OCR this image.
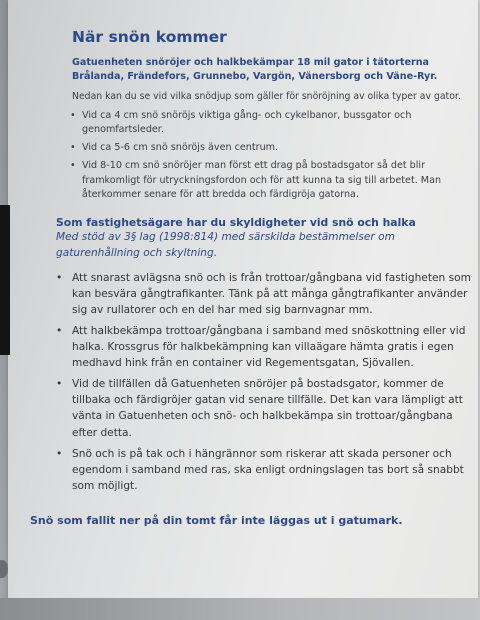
När snön kommer

Gatuenheten snöröjer och halkbekämpar 18 mil gator i tätorterna Brålanda, Frändefors, Grunnebo, Vargön, Vänersborg och Väne-Ryr.

Nedan kan du se vid vilka snödjup som gäller för snöröjning av olika typer av gator.

• Vid ca 4 cm snö snöröjs viktiga gång- och cykelbanor, bussgator och genomfartsleder.
• Vid ca 5-6 cm snö snöröjs även centrum.
• Vid 8-10 cm snö snöröjer man först ett drag på bostadsgator så det blir framkomligt för utryckningsfordon och för att kunna ta sig till arbetet. Man återkommer senare för att bredda och färdigröja gatorna.
Som fastighetsägare har du skyldigheter vid snö och halka

Med stöd av 3§ lag (1998:814) med särskilda bestämmelser om gaturenhållning och skyltning.

• Att snarast avlägsna snö och is från trottoar/gångbana vid fastigheten som kan besvära gångtrafikanter. Tänk på att många gångtrafikanter använder sig av rullatorer och en del har med sig barnvagnar mm.
• Att halkbekämpa trottoar/gångbana i samband med snöskottning eller vid halka. Krossgrus för halkbekämpning kan villaägare hämta gratis i egen medhavd hink från en container vid Regementsgatan, Sjövallen.
• Vid de tillfällen då Gatuenheten snöröjer på bostadsgator, kommer de tillbaka och färdigröjer gatan vid senare tillfälle. Det kan vara lämpligt att vänta in Gatuenheten och snö- och halkbekämpa sin trottoar/gångbana efter detta.
• Snö och is på tak och i hängrännor som riskerar att skada personer och egendom i samband med ras, ska enligt ordningslagen tas bort så snabbt som möjligt.

Snö som fallit ner på din tomt får inte läggas ut i gatumark.
